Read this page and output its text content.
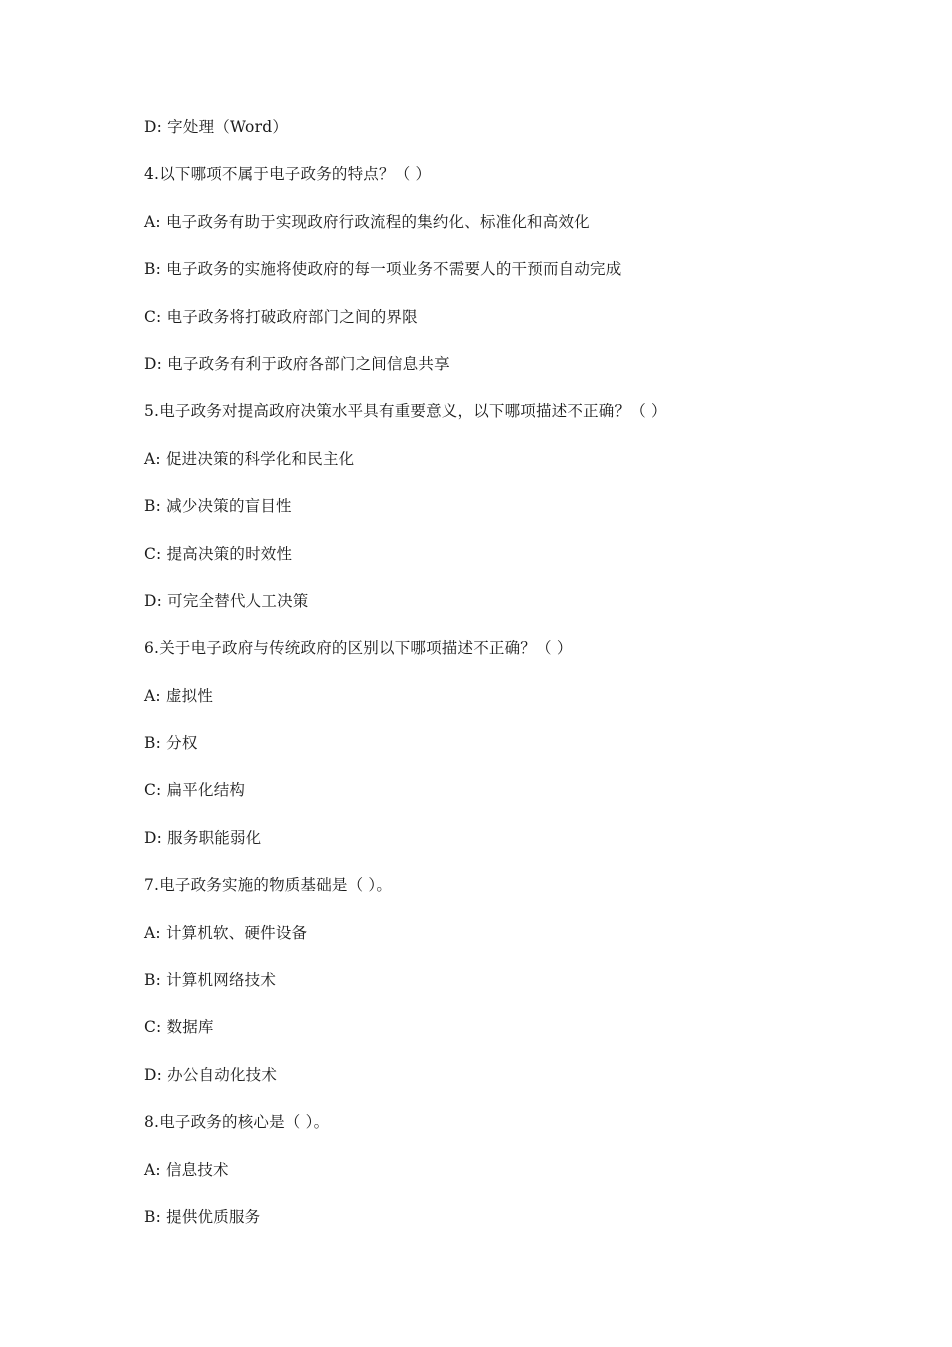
D: 字处理（Word）
4.以下哪项不属于电子政务的特点？（ ）
A: 电子政务有助于实现政府行政流程的集约化、标准化和高效化
B: 电子政务的实施将使政府的每一项业务不需要人的干预而自动完成
C: 电子政务将打破政府部门之间的界限
D: 电子政务有利于政府各部门之间信息共享
5.电子政务对提高政府决策水平具有重要意义，以下哪项描述不正确？（ ）
A: 促进决策的科学化和民主化
B: 减少决策的盲目性
C: 提高决策的时效性
D: 可完全替代人工决策
6.关于电子政府与传统政府的区别以下哪项描述不正确？（ ）
A: 虚拟性
B: 分权
C: 扁平化结构
D: 服务职能弱化
7.电子政务实施的物质基础是（ ）。
A: 计算机软、硬件设备
B: 计算机网络技术
C: 数据库
D: 办公自动化技术
8.电子政务的核心是（ ）。
A: 信息技术
B: 提供优质服务
